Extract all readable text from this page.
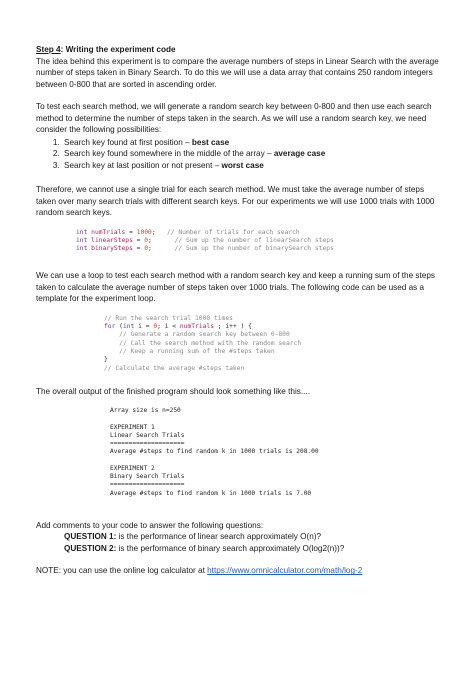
Step 4: Writing the experiment code

The idea behind this experiment is to compare the average numbers of steps in Linear Search with the average number of steps taken in Binary Search. To do this we will use a data array that contains 250 random integers between 0-800 that are sorted in ascending order.

To test each search method, we will generate a random search key between 0-800 and then use each search method to determine the number of steps taken in the search. As we will use a random search key, we need consider the following possibilities:

1. Search key found at first position – best case
2. Search key found somewhere in the middle of the array – average case
3. Search key at last position or not present – worst case

Therefore, we cannot use a single trial for each search method. We must take the average number of steps taken over many search trials with different search keys. For our experiments we will use 1000 trials with 1000 random search keys.

int numTrials = 1000; // Number of trials for each search
int linearSteps = 0;	// Sum up the number of linearSearch steps
int binarySteps = 0;	// Sum up the number of binarySearch steps

We can use a loop to test each search method with a random search key and keep a running sum of the steps taken to calculate the average number of steps taken over 1000 trials. The following code can be used as a template for the experiment loop.

// Run the search trial 1000 times
for (int i = 0; i < numTrials ; i++ ) {
// Generate a random search key between 0-800
// Call the search method with the random search
// Keep a running sum of the #steps taken
}
// Calculate the average #steps taken

The overall output of the finished program should look something like this....

Array size is n=250

EXPERIMENT 1
Linear Search Trials
====================
Average #steps to find random k in 1000 trials is 208.00

EXPERIMENT 2
Binary Search Trials
====================
Average #steps to find random k in 1000 trials is 7.00

Add comments to your code to answer the following questions:

QUESTION 1: is the performance of linear search approximately O(n)?

QUESTION 2: is the performance of binary search approximately O(log2(n))?

NOTE: you can use the online log calculator at https://www.omnicalculator.com/math/log-2
